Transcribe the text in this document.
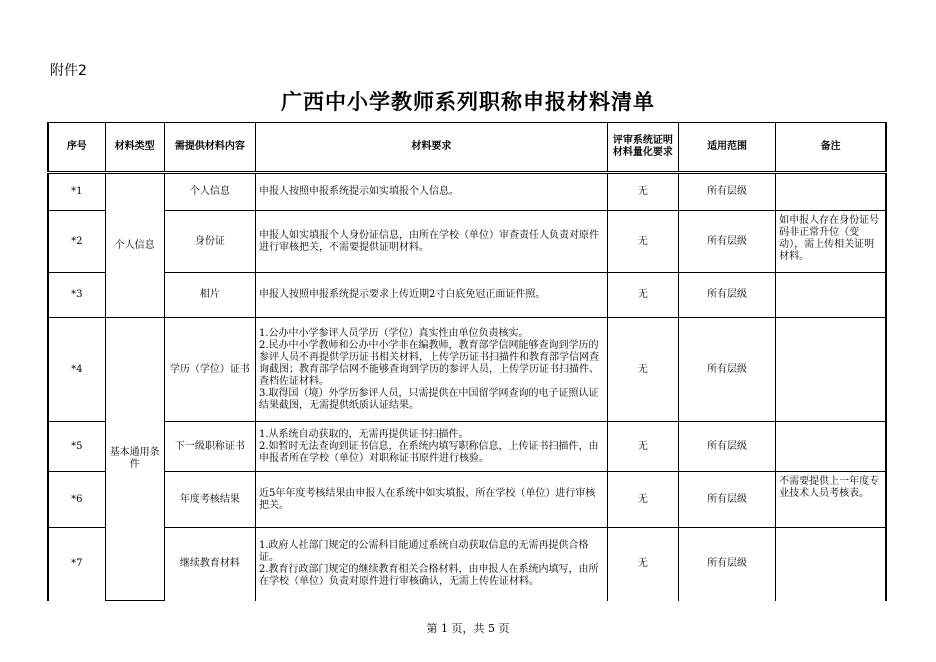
附件2
广西中小学教师系列职称申报材料清单
序号	材料类型	需提供材料内容	材料要求	评审系统证明材料量化要求	适用范围	备注
*1	个人信息	个人信息	申报人按照申报系统提示如实填报个人信息。	无	所有层级	
*2		身份证	申报人如实填报个人身份证信息，由所在学校（单位）审查责任人负责对原件进行审核把关，不需要提供证明材料。	无	所有层级	如申报人存在身份证号码非正常升位（变动），需上传相关证明材料。
*3		相片	申报人按照申报系统提示要求上传近期2寸白底免冠正面证件照。	无	所有层级	
*4	基本通用条件	学历（学位）证书	1.公办中小学参评人员学历（学位）真实性由单位负责核实。
2.民办中小学教师和公办中小学非在编教师，教育部学信网能够查询到学历的参评人员不再提供学历证书相关材料，上传学历证书扫描件和教育部学信网查询截图；教育部学信网不能够查询到学历的参评人员，上传学历证书扫描件、查档佐证材料。
3.取得国（境）外学历参评人员，只需提供在中国留学网查询的电子证照认证结果截图，无需提供纸质认证结果。	无	所有层级	
*5		下一级职称证书	1.从系统自动获取的，无需再提供证书扫描件。
2.如暂时无法查询到证书信息，在系统内填写职称信息，上传证书扫描件，由申报者所在学校（单位）对职称证书原件进行核验。	无	所有层级	
*6		年度考核结果	近5年年度考核结果由申报人在系统中如实填报，所在学校（单位）进行审核把关。	无	所有层级	不需要提供上一年度专业技术人员考核表。
*7		继续教育材料	1.政府人社部门规定的公需科目能通过系统自动获取信息的无需再提供合格证。
2.教育行政部门规定的继续教育相关合格材料，由申报人在系统内填写，由所在学校（单位）负责对原件进行审核确认，无需上传佐证材料。	无	所有层级	
第 1 页，共 5 页
